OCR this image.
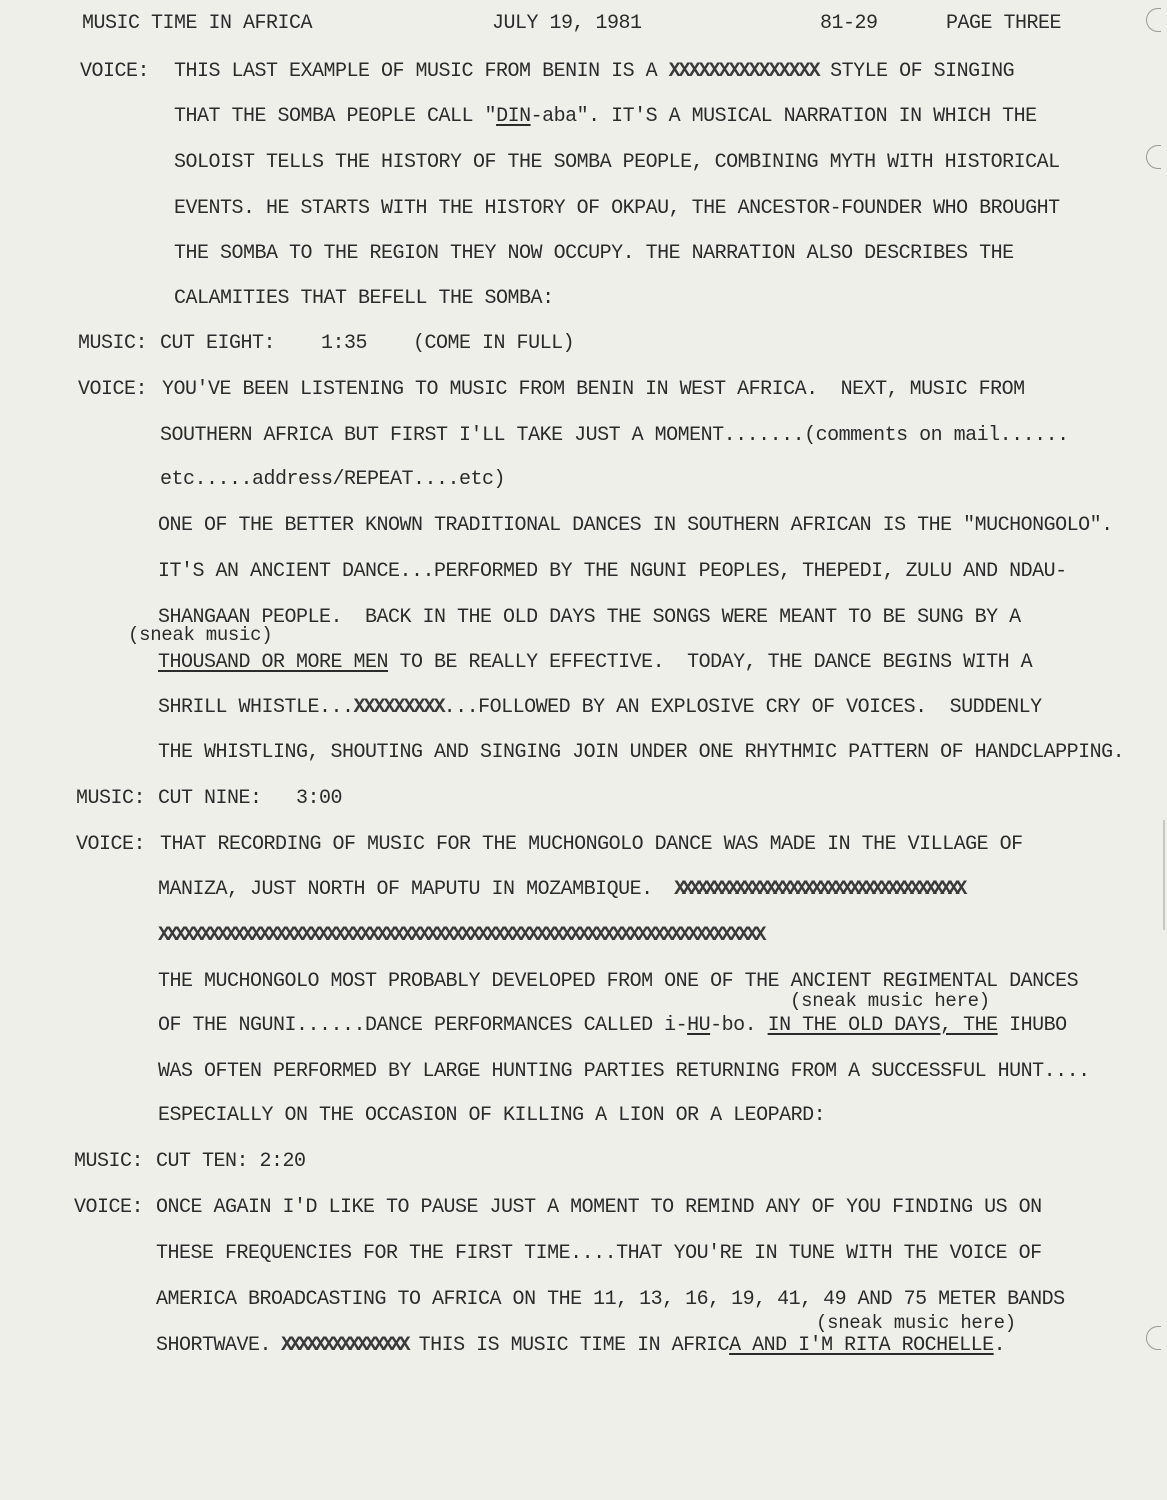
MUSIC TIME IN AFRICA	JULY 19, 1981	81-29	PAGE THREE
VOICE: THIS LAST EXAMPLE OF MUSIC FROM BENIN IS A XXXXXXXXXXXXXXX STYLE OF SINGING
THAT THE SOMBA PEOPLE CALL "DIN-aba". IT'S A MUSICAL NARRATION IN WHICH THE
SOLOIST TELLS THE HISTORY OF THE SOMBA PEOPLE, COMBINING MYTH WITH HISTORICAL
EVENTS. HE STARTS WITH THE HISTORY OF OKPAU, THE ANCESTOR-FOUNDER WHO BROUGHT
THE SOMBA TO THE REGION THEY NOW OCCUPY. THE NARRATION ALSO DESCRIBES THE
CALAMITIES THAT BEFELL THE SOMBA:
MUSIC: CUT EIGHT:    1:35    (COME IN FULL)
VOICE: YOU'VE BEEN LISTENING TO MUSIC FROM BENIN IN WEST AFRICA.  NEXT, MUSIC FROM
SOUTHERN AFRICA BUT FIRST I'LL TAKE JUST A MOMENT.......(comments on mail......
etc.....address/REPEAT....etc)
ONE OF THE BETTER KNOWN TRADITIONAL DANCES IN SOUTHERN AFRICAN IS THE "MUCHONGOLO".
IT'S AN ANCIENT DANCE...PERFORMED BY THE NGUNI PEOPLES, THEPEDI, ZULU AND NDAU-
SHANGAAN PEOPLE.  BACK IN THE OLD DAYS THE SONGS WERE MEANT TO BE SUNG BY A
(sneak music)
THOUSAND OR MORE MEN TO BE REALLY EFFECTIVE.  TODAY, THE DANCE BEGINS WITH A
SHRILL WHISTLE...XXXXXXXXX...FOLLOWED BY AN EXPLOSIVE CRY OF VOICES.  SUDDENLY
THE WHISTLING, SHOUTING AND SINGING JOIN UNDER ONE RHYTHMIC PATTERN OF HANDCLAPPING.
MUSIC: CUT NINE:   3:00
VOICE: THAT RECORDING OF MUSIC FOR THE MUCHONGOLO DANCE WAS MADE IN THE VILLAGE OF
MANIZA, JUST NORTH OF MAPUTU IN MOZAMBIQUE. XXXXXXXXXXXXXXXXXXXXXXXXXXXXXXXXXXXXXX
XXXXXXXXXXXXXXXXXXXXXXXXXXXXXXXXXXXXXXXXXXXXXXXXXXXXXXXXXXXXXXXXXXXXXXXX
THE MUCHONGOLO MOST PROBABLY DEVELOPED FROM ONE OF THE ANCIENT REGIMENTAL DANCES
(sneak music here)
OF THE NGUNI......DANCE PERFORMANCES CALLED i-HU-bo. IN THE OLD DAYS, THE IHUBO
WAS OFTEN PERFORMED BY LARGE HUNTING PARTIES RETURNING FROM A SUCCESSFUL HUNT....
ESPECIALLY ON THE OCCASION OF KILLING A LION OR A LEOPARD:
MUSIC: CUT TEN: 2:20
VOICE: ONCE AGAIN I'D LIKE TO PAUSE JUST A MOMENT TO REMIND ANY OF YOU FINDING US ON
THESE FREQUENCIES FOR THE FIRST TIME....THAT YOU'RE IN TUNE WITH THE VOICE OF
AMERICA BROADCASTING TO AFRICA ON THE 11, 13, 16, 19, 41, 49 AND 75 METER BANDS
(sneak music here)
SHORTWAVE. XXXXXXXXXXXXXXX THIS IS MUSIC TIME IN AFRICA AND I'M RITA ROCHELLE.
